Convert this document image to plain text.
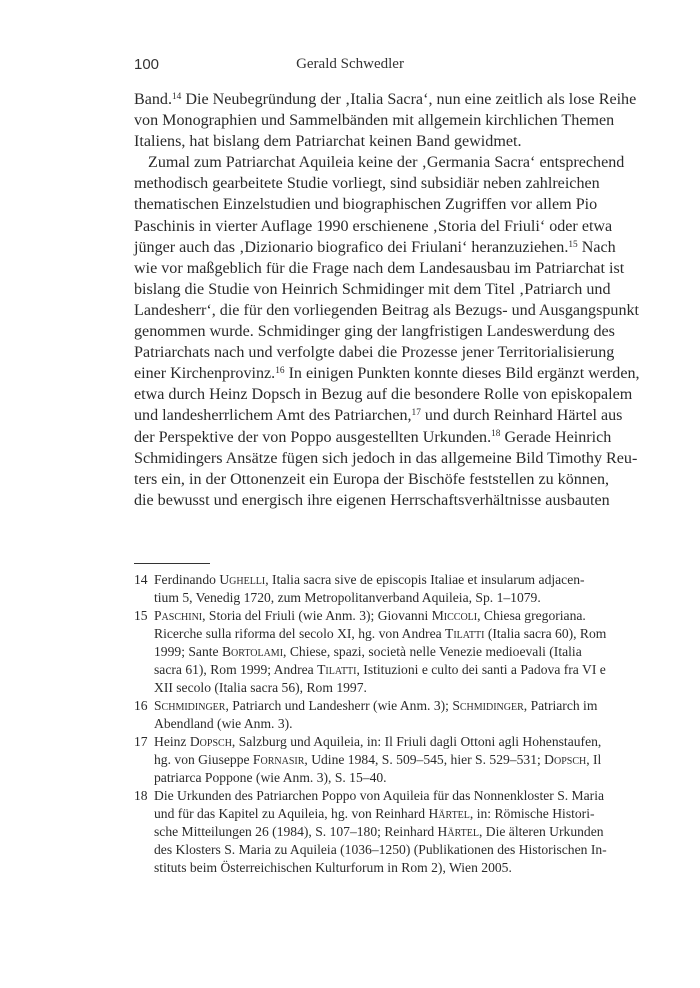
100	Gerald Schwedler
Band.$^{14}$ Die Neubegründung der ‚Italia Sacra‘, nun eine zeitlich als lose Reihe
von Monographien und Sammelbänden mit allgemein kirchlichen Themen
Italiens, hat bislang dem Patriarchat keinen Band gewidmet.
Zumal zum Patriarchat Aquileia keine der ‚Germania Sacra‘ entsprechend
methodisch gearbeitete Studie vorliegt, sind subsidiär neben zahlreichen
thematischen Einzelstudien und biographischen Zugriffen vor allem Pio
Paschinis in vierter Auflage 1990 erschienene ‚Storia del Friuli‘ oder etwa
jünger auch das ‚Dizionario biografico dei Friulani‘ heranzuziehen.$^{15}$ Nach
wie vor maßgeblich für die Frage nach dem Landesausbau im Patriarchat ist
bislang die Studie von Heinrich Schmidinger mit dem Titel ‚Patriarch und
Landesherr‘, die für den vorliegenden Beitrag als Bezugs- und Ausgangspunkt
genommen wurde. Schmidinger ging der langfristigen Landeswerdung des
Patriarchats nach und verfolgte dabei die Prozesse jener Territorialisierung
einer Kirchenprovinz.$^{16}$ In einigen Punkten konnte dieses Bild ergänzt werden,
etwa durch Heinz Dopsch in Bezug auf die besondere Rolle von episkopalem
und landesherrlichem Amt des Patriarchen,$^{17}$ und durch Reinhard Härtel aus
der Perspektive der von Poppo ausgestellten Urkunden.$^{18}$ Gerade Heinrich
Schmidingers Ansätze fügen sich jedoch in das allgemeine Bild Timothy Reu-
ters ein, in der Ottonenzeit ein Europa der Bischöfe feststellen zu können,
die bewusst und energisch ihre eigenen Herrschaftsverhältnisse ausbauten
14 Ferdinando Ughelli, Italia sacra sive de episcopis Italiae et insularum adjacen-
tium 5, Venedig 1720, zum Metropolitanverband Aquileia, Sp. 1–1079.
15 Paschini, Storia del Friuli (wie Anm. 3); Giovanni Miccoli, Chiesa gregoriana.
Ricerche sulla riforma del secolo XI, hg. von Andrea Tilatti (Italia sacra 60), Rom
1999; Sante Bortolami, Chiese, spazi, società nelle Venezie medioevali (Italia
sacra 61), Rom 1999; Andrea Tilatti, Istituzioni e culto dei santi a Padova fra VI e
XII secolo (Italia sacra 56), Rom 1997.
16 Schmidinger, Patriarch und Landesherr (wie Anm. 3); Schmidinger, Patriarch im
Abendland (wie Anm. 3).
17 Heinz Dopsch, Salzburg und Aquileia, in: Il Friuli dagli Ottoni agli Hohenstaufen,
hg. von Giuseppe Fornasir, Udine 1984, S. 509–545, hier S. 529–531; Dopsch, Il
patriarca Poppone (wie Anm. 3), S. 15–40.
18 Die Urkunden des Patriarchen Poppo von Aquileia für das Nonnenkloster S. Maria
und für das Kapitel zu Aquileia, hg. von Reinhard Härtel, in: Römische Histori-
sche Mitteilungen 26 (1984), S. 107–180; Reinhard Härtel, Die älteren Urkunden
des Klosters S. Maria zu Aquileia (1036–1250) (Publikationen des Historischen In-
stituts beim Österreichischen Kulturforum in Rom 2), Wien 2005.
